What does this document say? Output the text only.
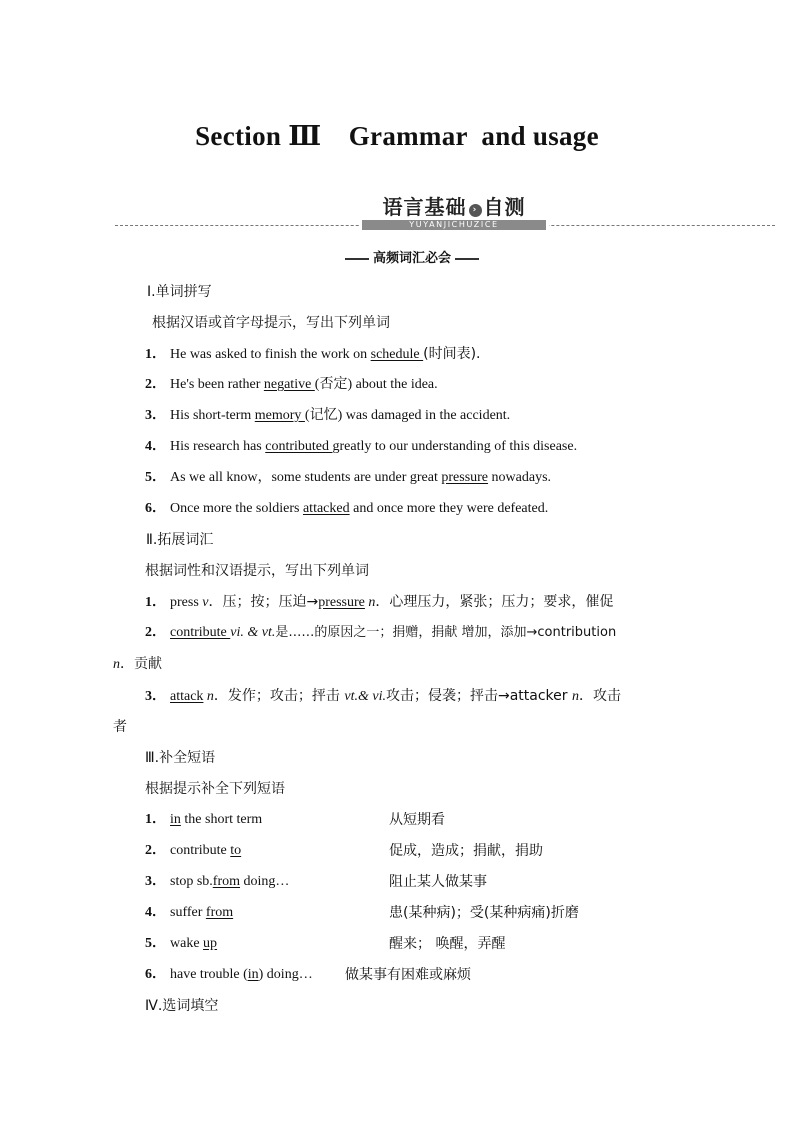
Section Ⅲ　Grammar  and usage
语言基础 › 自测
YUYANJICHUZICE
高频词汇必会
Ⅰ.单词拼写
根据汉语或首字母提示，写出下列单词
1． He was asked to finish the work on schedule (时间表).
2． He's been rather negative (否定) about the idea.
3． His short-term memory (记忆) was damaged in the accident.
4． His research has contributed greatly to our understanding of this disease.
5． As we all know，some students are under great pressure nowadays.
6． Once more the soldiers attacked and once more they were defeated.
Ⅱ.拓展词汇
根据词性和汉语提示，写出下列单词
1． press v．压；按；压迫→pressure n．心理压力，紧张；压力；要求，催促
2． contribute vi. & vt.是……的原因之一；捐赠，捐献 增加，添加→contribution
n．贡献
3． attack n．发作；攻击；抨击 vt.& vi.攻击；侵袭；抨击→attacker n．攻击
者
Ⅲ.补全短语
根据提示补全下列短语
1． in the short term	从短期看
2． contribute to	促成，造成；捐献，捐助
3． stop sb.from doing…	阻止某人做某事
4． suffer from	患(某种病)；受(某种病痛)折磨
5． wake up	醒来； 唤醒，弄醒
6． have trouble (in) doing… 做某事有困难或麻烦
Ⅳ.选词填空
